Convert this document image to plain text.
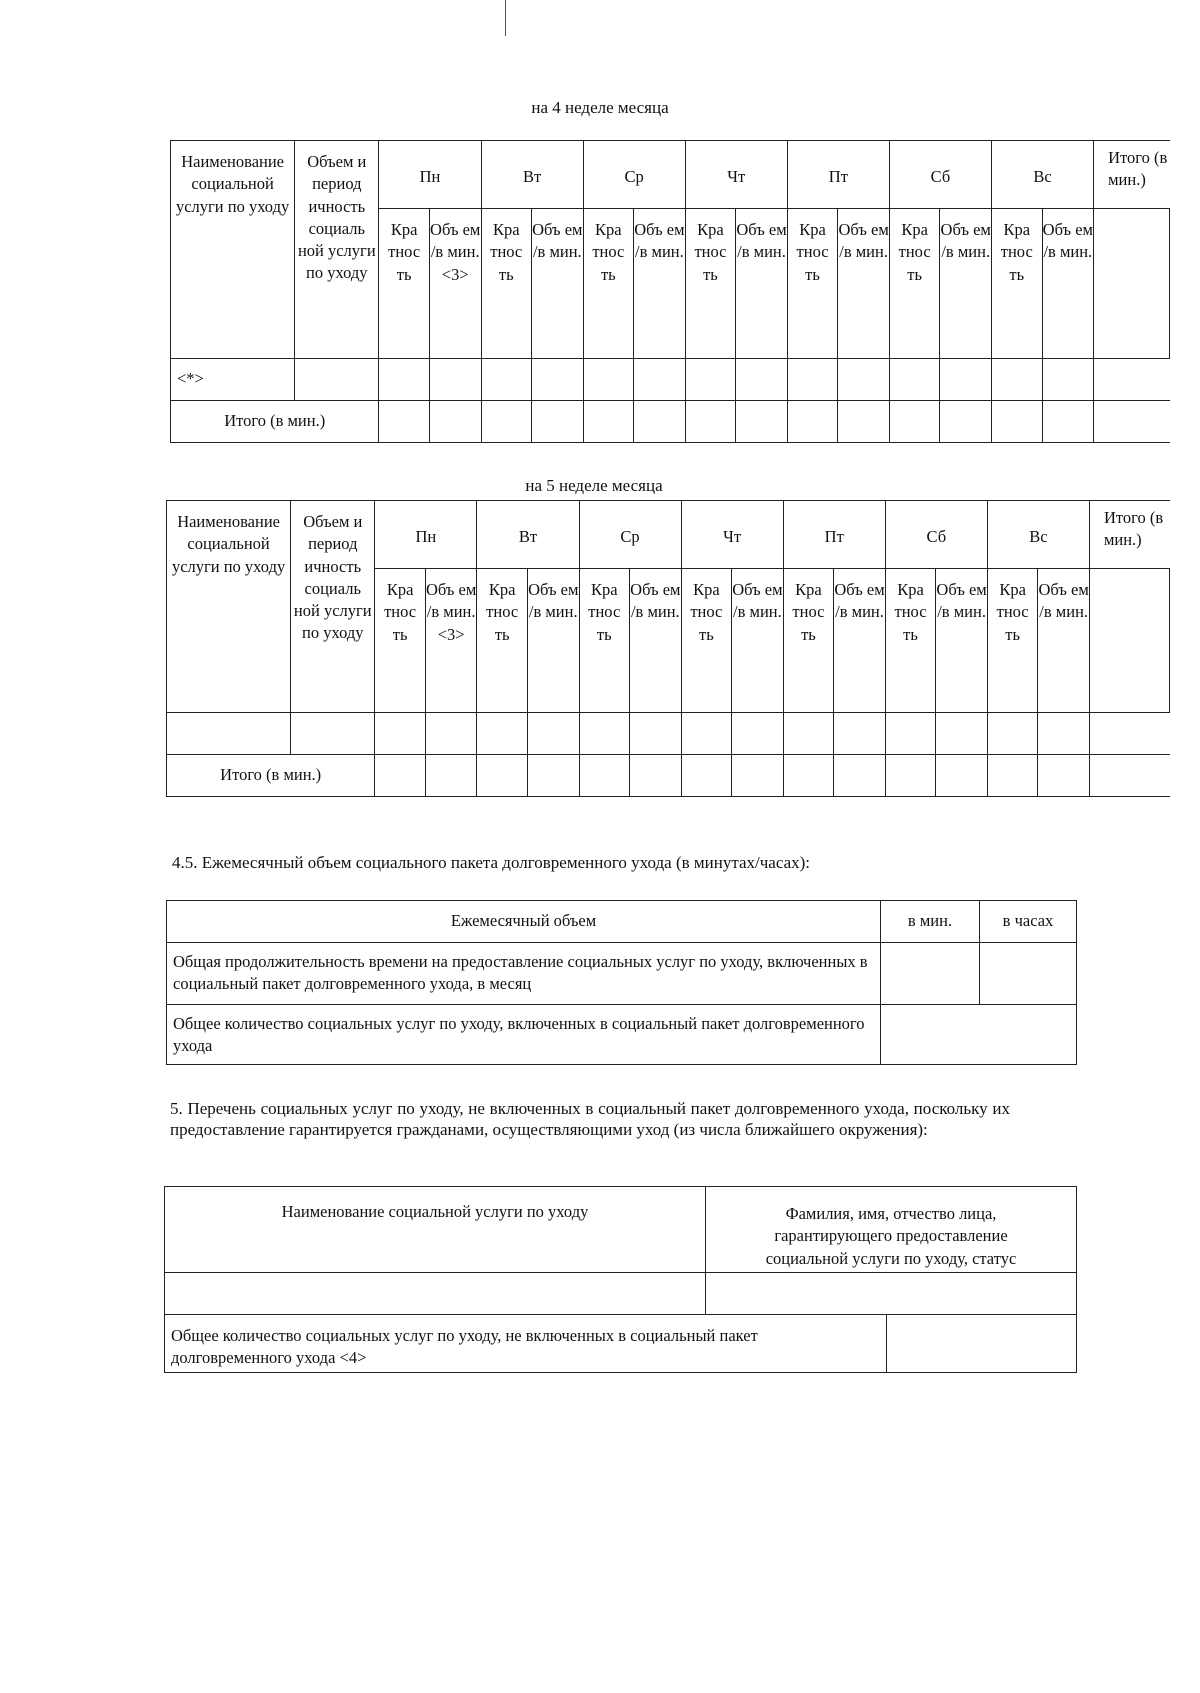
на 4 неделе месяца
Наименование социальной услуги по уходу	Объем и период ичность социаль ной услуги по уходу	Пн		Вт		Ср		Чт		Пт		Сб		Вс		Итого (в мин.)
		Кра тнос ть	Объ ем /в мин. <3>	Кра тнос ть	Объ ем /в мин.	Кра тнос ть	Объ ем /в мин.	Кра тнос ть	Объ ем /в мин.	Кра тнос ть	Объ ем /в мин.	Кра тнос ть	Объ ем /в мин.	Кра тнос ть	Объ ем /в мин.	
<*>																
Итого (в мин.)																
на 5 неделе месяца
Наименование социальной услуги по уходу	Объем и период ичность социаль ной услуги по уходу	Пн		Вт		Ср		Чт		Пт		Сб		Вс		Итого (в мин.)
		Кра тнос ть	Объ ем /в мин. <3>	Кра тнос ть	Объ ем /в мин.	Кра тнос ть	Объ ем /в мин.	Кра тнос ть	Объ ем /в мин.	Кра тнос ть	Объ ем /в мин.	Кра тнос ть	Объ ем /в мин.	Кра тнос ть	Объ ем /в мин.	

Итого (в мин.)																
4.5. Ежемесячный объем социального пакета долговременного ухода (в минутах/часах):
Ежемесячный объем	в мин.	в часах
Общая продолжительность времени на предоставление социальных услуг по уходу, включенных в социальный пакет долговременного ухода, в месяц		
Общее количество социальных услуг по уходу, включенных в социальный пакет долговременного ухода		
5. Перечень социальных услуг по уходу, не включенных в социальный пакет долговременного ухода, поскольку их предоставление гарантируется гражданами, осуществляющими уход (из числа ближайшего окружения):
Наименование социальной услуги по уходу	Фамилия, имя, отчество лица, гарантирующего предоставление социальной услуги по уходу, статус	

Общее количество социальных услуг по уходу, не включенных в социальный пакет долговременного ухода <4>		
